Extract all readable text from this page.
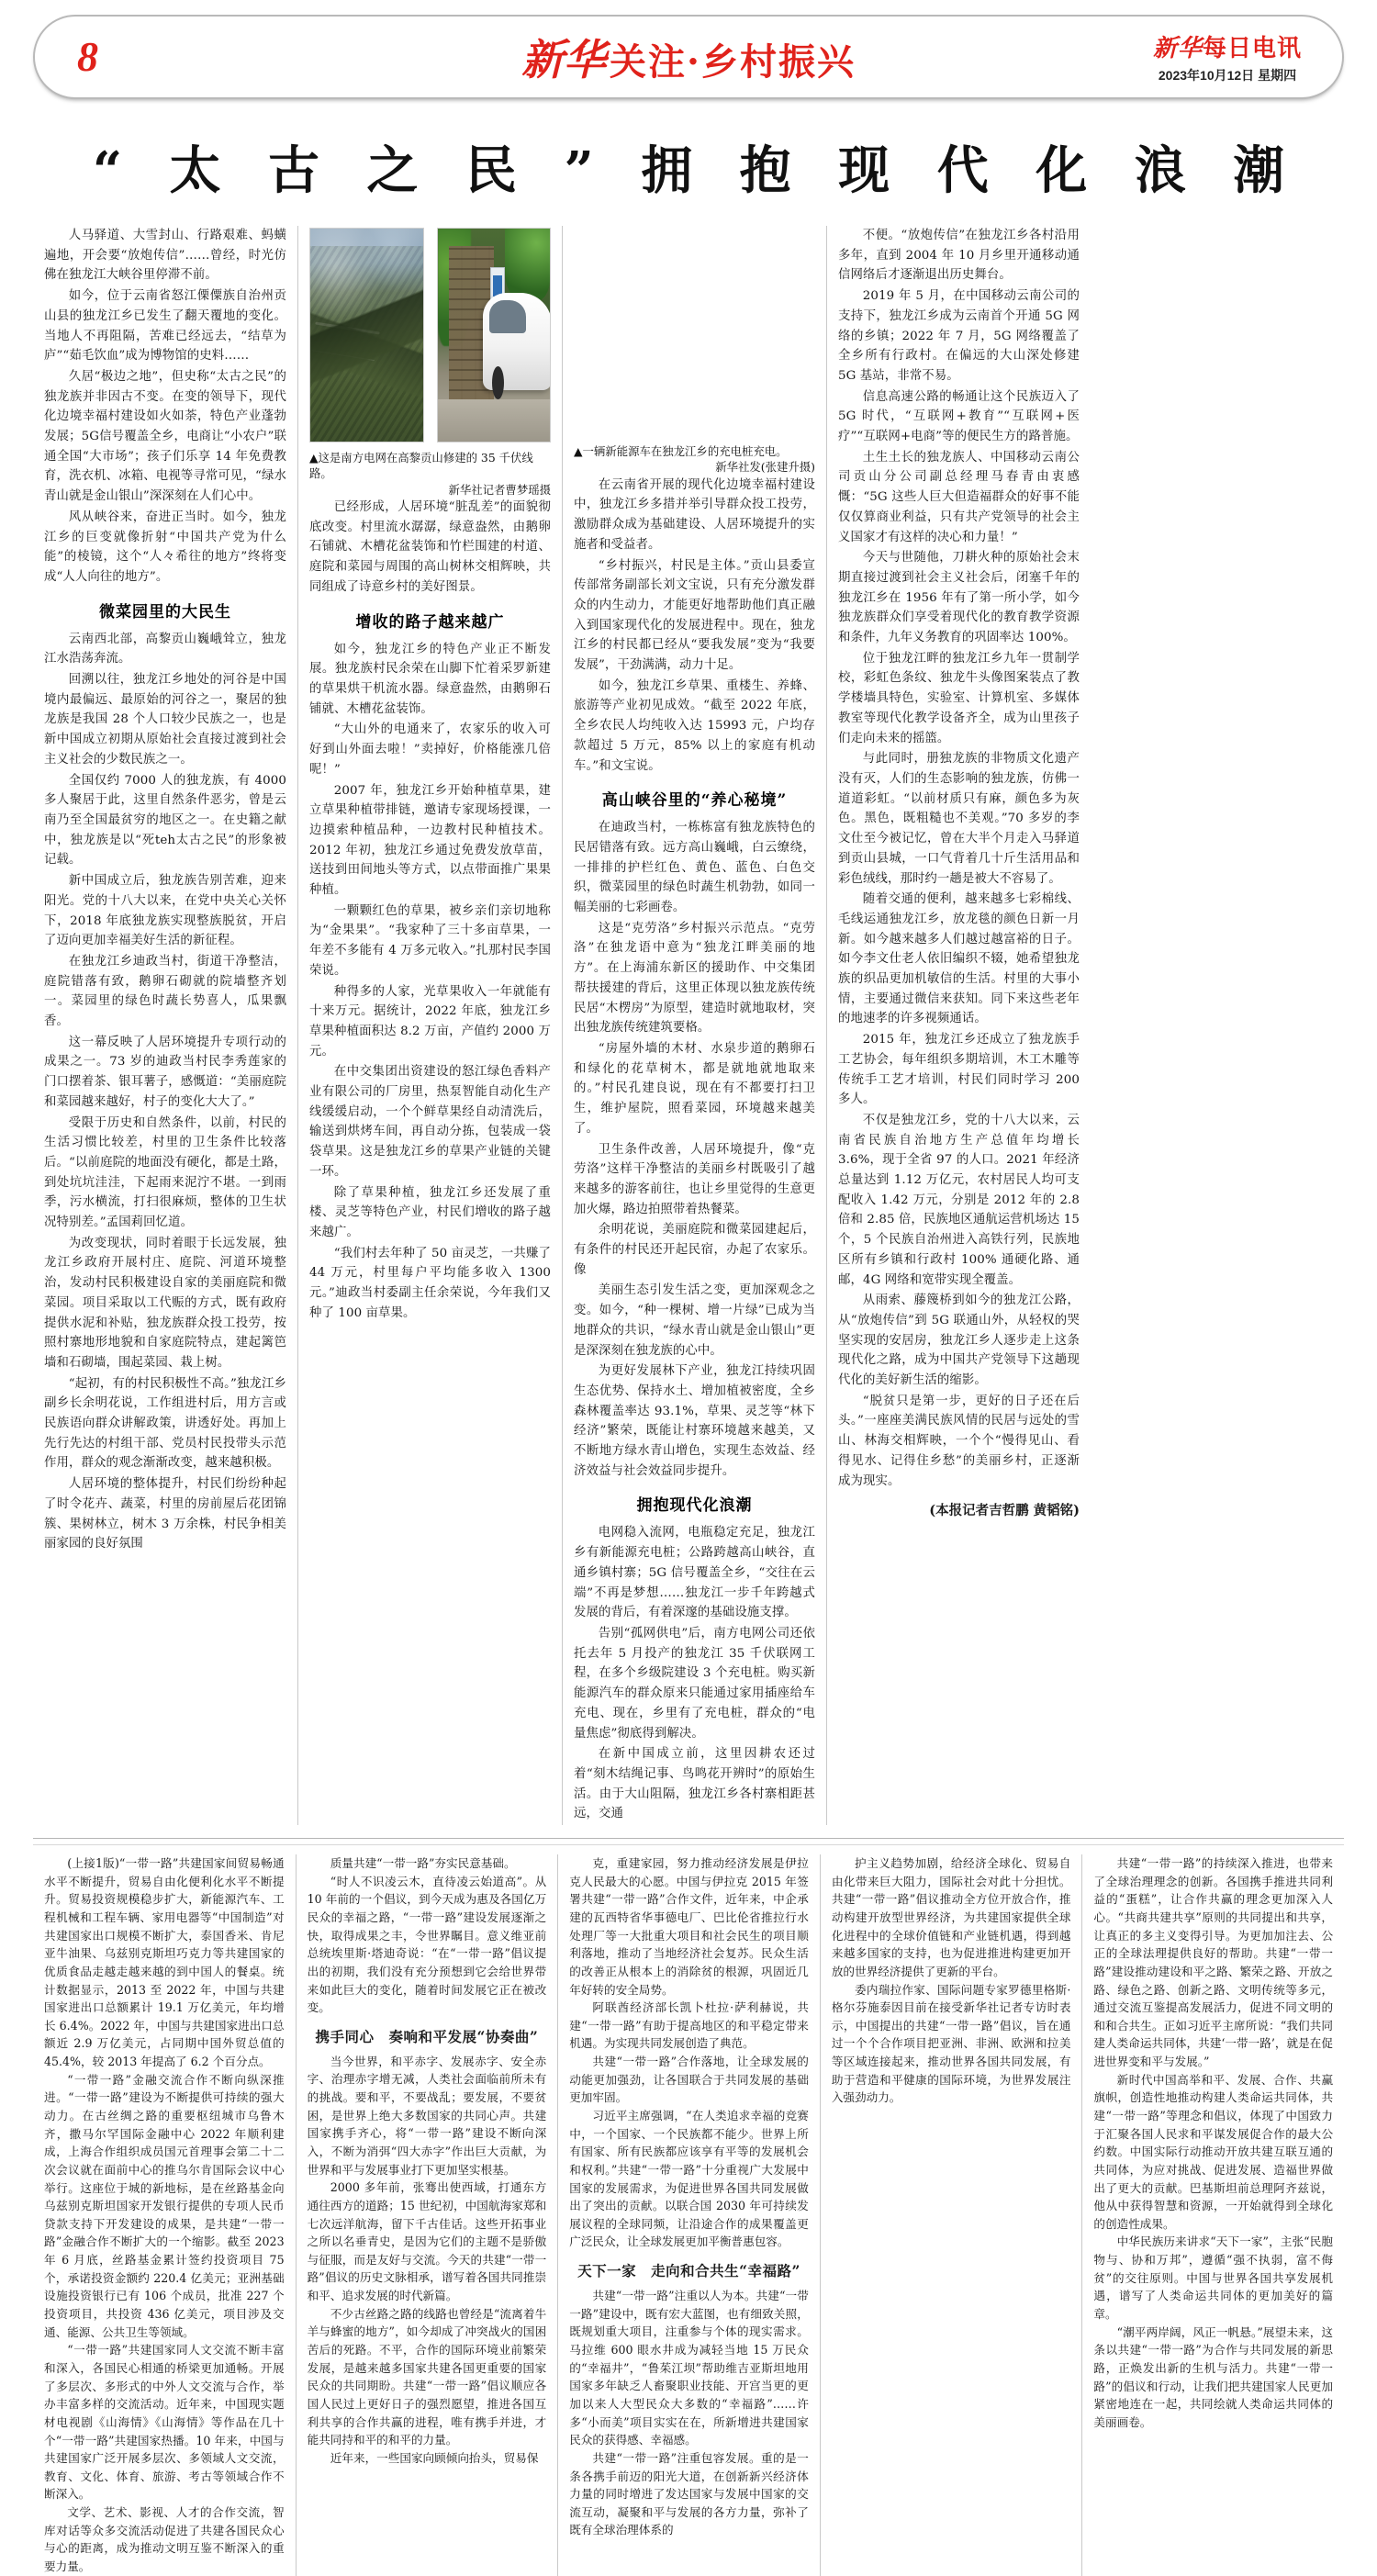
8	新华 关注·乡村振兴	新华每日电讯
2023年10月12日 星期四
“ 太 古 之 民 ” 拥 抱 现 代 化 浪 潮

人马驿道、大雪封山、行路艰难、蚂蟥遍地，开会要“放炮传信”……曾经，时光仿佛在独龙江大峡谷里停滞不前。

如今，位于云南省怒江傈僳族自治州贡山县的独龙江乡已发生了翻天覆地的变化。当地人不再阻隔，苦难已经远去，“结草为庐”“茹毛饮血”成为博物馆的史料……

久居“极边之地”，但史称“太古之民”的独龙族并非因古不变。在变的领导下，现代化边境幸福村建设如火如荼，特色产业蓬勃发展；5G信号覆盖全乡，电商让“小农户”联通全国“大市场”；孩子们乐享 14 年免费教育，洗衣机、冰箱、电视等寻常可见，“绿水青山就是金山银山”深深刻在人们心中。

风从峡谷来，奋进正当时。如今，独龙江乡的巨变就像折射“中国共产党为什么能”的棱镜，这个“人々希往的地方”终将变成“人人向往的地方”。

微菜园里的大民生

云南西北部，高黎贡山巍峨耸立，独龙江水浩荡奔流。

回溯以往，独龙江乡地处的河谷是中国境内最偏远、最原始的河谷之一，聚居的独龙族是我国 28 个人口较少民族之一，也是新中国成立初期从原始社会直接过渡到社会主义社会的少数民族之一。

全国仅约 7000 人的独龙族，有 4000 多人聚居于此，这里自然条件恶劣，曾是云南乃至全国最贫穷的地区之一。在史籍之献中，独龙族是以“死teh太古之民”的形象被记载。

新中国成立后，独龙族告别苦难，迎来阳光。党的十八大以来，在党中央关心关怀下，2018 年底独龙族实现整族脱贫，开启了迈向更加幸福美好生活的新征程。

在独龙江乡迪政当村，街道干净整洁，庭院错落有致，鹅卵石砌就的院墙整齐划一。菜园里的绿色时蔬长势喜人，瓜果飘香。

这一幕反映了人居环境提升专项行动的成果之一。73 岁的迪政当村民李秀莲家的门口摆着茶、银耳薯子，感慨道：“美丽庭院和菜园越来越好，村子的变化大大了。”

受限于历史和自然条件，以前，村民的生活习惯比较差，村里的卫生条件比较落后。“以前庭院的地面没有硬化，都是土路，到处坑坑洼洼，下起雨来泥泞不堪。一到雨季，污水横流，打扫很麻烦，整体的卫生状况特别差。”孟国莉回忆道。

为改变现状，同时着眼于长远发展，独龙江乡政府开展村庄、庭院、河道环境整治，发动村民积极建设自家的美丽庭院和微菜园。项目采取以工代赈的方式，既有政府提供水泥和补贴，独龙族群众投工投劳，按照村寨地形地貌和自家庭院特点，建起篱笆墙和石砌墙，围起菜园、栽上树。

“起初，有的村民积极性不高。”独龙江乡副乡长余明花说，工作组进村后，用方言或民族语向群众讲解政策，讲透好处。再加上先行先达的村组干部、党员村民投带头示范作用，群众的观念渐渐改变，越来越积极。

人居环境的整体提升，村民们纷纷种起了时令花卉、蔬菜，村里的房前屋后花团锦簇、果树林立，树木 3 万余株，村民争相美丽家园的良好氛围

▲这是南方电网在高黎贡山修建的 35 千伏线路。
新华社记者曹梦瑶摄

已经形成，人居环境“脏乱差”的面貌彻底改变。村里流水潺潺，绿意盎然，由鹅卵石铺就、木槽花盆装饰和竹栏围建的村道、庭院和菜园与周围的高山树林交相辉映，共同组成了诗意乡村的美好图景。

增收的路子越来越广

如今，独龙江乡的特色产业正不断发展。独龙族村民余荣在山脚下忙着采罗新建的草果烘干机流水器。绿意盎然，由鹅卵石铺就、木槽花盆装饰。

“大山外的电通来了，农家乐的收入可好到山外面去啦！”卖掉好，价格能涨几倍呢！”

2007 年，独龙江乡开始种植草果，建立草果种植带排链，邀请专家现场授课，一边摸索种植品种，一边教村民种植技术。2012 年初，独龙江乡通过免费发放草苗，送技到田间地头等方式，以点带面推广果果种植。

一颗颗红色的草果，被乡亲们亲切地称为“金果果”。“我家种了三十多亩草果，一年差不多能有 4 万多元收入。”扎那村民李国荣说。

种得多的人家，光草果收入一年就能有十来万元。据统计，2022 年底，独龙江乡草果种植面积达 8.2 万亩，产值约 2000 万元。

在中交集团出资建设的怒江绿色香料产业有限公司的厂房里，热泵智能自动化生产线缓缓启动，一个个鲜草果经自动清洗后，输送到烘烤车间，再自动分拣，包装成一袋袋草果。这是独龙江乡的草果产业链的关键一环。

除了草果种植，独龙江乡还发展了重楼、灵芝等特色产业，村民们增收的路子越来越广。

“我们村去年种了 50 亩灵芝，一共赚了 44 万元，村里每户平均能多收入 1300 元。”迪政当村委副主任余荣说，今年我们又种了 100 亩草果。

▲一辆新能源车在独龙江乡的充电桩充电。
新华社发(张建升摄)

在云南省开展的现代化边境幸福村建设中，独龙江乡多措并举引导群众投工投劳，激励群众成为基础建设、人居环境提升的实施者和受益者。

“乡村振兴，村民是主体。”贡山县委宣传部常务副部长刘文宝说，只有充分激发群众的内生动力，才能更好地帮助他们真正融入到国家现代化的发展进程中。现在，独龙江乡的村民都已经从“要我发展”变为“我要发展”，干劲满满，动力十足。

如今，独龙江乡草果、重楼生、养蜂、旅游等产业初见成效。“截至 2022 年底，全乡农民人均纯收入达 15993 元，户均存款超过 5 万元，85% 以上的家庭有机动车。”和文宝说。

高山峡谷里的“养心秘境”

在迪政当村，一栋栋富有独龙族特色的民居错落有致。远方高山巍峨，白云缭绕，一排排的护栏红色、黄色、蓝色、白色交织，微菜园里的绿色时蔬生机勃勃，如同一幅美丽的七彩画卷。

这是“克劳洛”乡村振兴示范点。“克劳洛”在独龙语中意为“独龙江畔美丽的地方”。在上海浦东新区的援助作、中交集团帮扶援建的背后，这里正体现以独龙族传统民居“木楞房”为原型，建造时就地取材，突出独龙族传统建筑要格。

“房屋外墙的木材、水泉步道的鹅卵石和绿化的花草树木，都是就地就地取来的。”村民孔建良说，现在有不都要打扫卫生，维护屋院，照看菜园，环境越来越美了。

卫生条件改善，人居环境提升，像“克劳洛”这样干净整洁的美丽乡村既吸引了越来越多的游客前往，也让乡里觉得的生意更加火爆，路边拍照带着热餐菜。

余明花说，美丽庭院和微菜园建起后，有条件的村民还开起民宿，办起了农家乐。像

美丽生态引发生活之变，更加深观念之变。如今，“种一棵树、增一片绿”已成为当地群众的共识，“绿水青山就是金山银山”更是深深刻在独龙族的心中。

为更好发展林下产业，独龙江持续巩固生态优势、保持水土、增加植被密度，全乡森林覆盖率达 93.1%，草果、灵芝等“林下经济”繁荣，既能让村寨环境越来越美，又不断地方绿水青山增色，实现生态效益、经济效益与社会效益同步提升。

拥抱现代化浪潮

电网稳入流网，电瓶稳定充足，独龙江乡有新能源充电桩；公路跨越高山峡谷，直通乡镇村寨；5G 信号覆盖全乡，“交往在云端”不再是梦想……独龙江一步千年跨越式发展的背后，有着深邃的基础设施支撑。

告别“孤网供电”后，南方电网公司还依托去年 5 月投产的独龙江 35 千伏联网工程，在多个乡级院建设 3 个充电桩。购买新能源汽车的群众原来只能通过家用插座给车充电、现在，乡里有了充电桩，群众的“电量焦虑”彻底得到解决。

在新中国成立前，这里因耕农还过着“刻木结绳记事、鸟鸣花开辨时”的原始生活。由于大山阻隔，独龙江乡各村寨相距甚远，交通

不便。“放炮传信”在独龙江乡各村沿用多年，直到 2004 年 10 月乡里开通移动通信网络后才逐渐退出历史舞台。

2019 年 5 月，在中国移动云南公司的支持下，独龙江乡成为云南首个开通 5G 网络的乡镇；2022 年 7 月，5G 网络覆盖了全乡所有行政村。在偏远的大山深处修建 5G 基站，非常不易。

信息高速公路的畅通让这个民族迈入了 5G 时代，“互联网+教育”“互联网+医疗”“互联网+电商”等的便民生方的路普施。

土生土长的独龙族人、中国移动云南公司贡山分公司副总经理马春青由衷感慨：“5G 这些人巨大但造福群众的好事不能仅仅算商业利益，只有共产党领导的社会主义国家才有这样的决心和力量！”

今天与世随他，刀耕火种的原始社会末期直接过渡到社会主义社会后，闭塞千年的独龙江乡在 1956 年有了第一所小学，如今独龙族群众们享受着现代化的教育教学资源和条件，九年义务教育的巩固率达 100%。

位于独龙江畔的独龙江乡九年一贯制学校，彩虹色条纹、独龙牛头像图案装点了教学楼墙具特色，实验室、计算机室、多媒体教室等现代化教学设备齐全，成为山里孩子们走向未来的摇篮。

与此同时，册独龙族的非物质文化遗产没有灭，人们的生态影响的独龙族，仿佛一道道彩虹。“以前材质只有麻，颜色多为灰色。黑色，既粗糙也不美观。”70 多岁的李文仕至今被记忆，曾在大半个月走入马驿道到贡山县城，一口气背着几十斤生活用品和彩色绒线，那时约一趟是被大不容易了。

随着交通的便利，越来越多七彩棉线、毛线运通独龙江乡，放龙毯的颜色日新一月新。如今越来越多人们越过越富裕的日子。如今李文仕老人依旧编织不辍，她希望独龙族的织品更加机敏信的生活。村里的大事小情，主要通过微信来获知。同下来这些老年的地速孝的许多视频通话。

2015 年，独龙江乡还成立了独龙族手工艺协会，每年组织多期培训，木工木雕等传统手工艺才培训，村民们同时学习 200 多人。

不仅是独龙江乡，党的十八大以来，云南省民族自治地方生产总值年均增长 3.6%，现于全省 97 的人口。2021 年经济总量达到 1.12 万亿元，农村居民人均可支配收入 1.42 万元，分别是 2012 年的 2.8 倍和 2.85 倍，民族地区通航运营机场达 15 个，5 个民族自治州进入高铁行列，民族地区所有乡镇和行政村 100% 通硬化路、通邮，4G 网络和宽带实现全覆盖。

从雨索、藤篾桥到如今的独龙江公路，从“放炮传信”到 5G 联通山外，从轻权的哭坚实现的安居房，独龙江乡人逐步走上这条现代化之路，成为中国共产党领导下这趟现代化的美好新生活的缩影。

“脱贫只是第一步，更好的日子还在后头。”一座座美满民族风情的民居与远处的雪山、林海交相辉映，一个个“慢得见山、看得见水、记得住乡愁”的美丽乡村，正逐渐成为现实。

(本报记者吉哲鹏 黄韬铭)

(上接1版)“一带一路”共建国家间贸易畅通水平不断提升，贸易自由化便利化水平不断提升。贸易投资规模稳步扩大，新能源汽车、工程机械和工程车辆、家用电器等“中国制造”对共建国家出口规模不断扩大，泰国香米、肯尼亚牛油果、乌兹别克斯坦巧克力等共建国家的优质食品走越走越来越的到中国人的餐桌。统计数据显示，2013 至 2022 年，中国与共建国家进出口总额累计 19.1 万亿美元，年均增长 6.4%。2022 年，中国与共建国家进出口总额近 2.9 万亿美元，占同期中国外贸总值的 45.4%，较 2013 年提高了 6.2 个百分点。

“一带一路”金融交流合作不断向纵深推进。“一带一路”建设为不断提供可持续的强大动力。在古丝绸之路的重要枢纽城市乌鲁木齐，撒马尔罕国际金融中心 2022 年顺利建成，上海合作组织成员国元首理事会第二十二次会议就在面前中心的推乌尔肯国际会议中心举行。这座位于城的新地标，是在丝路基金向乌兹别克斯坦国家开发银行提供的专项人民币贷款支持下开发建设的成果，是共建“一带一路”金融合作不断扩大的一个缩影。截至 2023 年 6 月底，丝路基金累计签约投资项目 75 个，承诺投资金额约 220.4 亿美元；亚洲基础设施投资银行已有 106 个成员，批准 227 个投资项目，共投资 436 亿美元，项目涉及交通、能源、公共卫生等领域。

“一带一路”共建国家同人文交流不断丰富和深入，各国民心相通的桥梁更加通畅。开展了多层次、多形式的中外人文交流与合作，举办丰富多样的交流活动。近年来，中国现实题材电视剧《山海情》《山海情》等作品在几十个“一带一路”共建国家热播。10 年来，中国与共建国家广泛开展多层次、多领域人文交流，教育、文化、体育、旅游、考古等领域合作不断深入。

文学、艺术、影视、人才的合作交流，智库对话等众多交流活动促进了共建各国民众心与心的距离，成为推动文明互鉴不断深入的重要力量。

质量共建“一带一路”夯实民意基础。

“时人不识凌云木，直待凌云始道高”。从 10 年前的一个倡议，到今天成为惠及各国亿万民众的幸福之路，“一带一路”建设发展逐渐之快，取得成果之丰，令世界瞩目。意义维亚前总统埃里斯·塔迪奇说：“在“一带一路”倡议提出的初期，我们没有充分预想到它会给世界带来如此巨大的变化，随着时间发展它正在被改变。

携手同心　奏响和平发展“协奏曲”

当今世界，和平赤字、发展赤字、安全赤字、治理赤字增无减，人类社会面临前所未有的挑战。要和平，不要战乱；要发展，不要贫困，是世界上绝大多数国家的共同心声。共建国家携手齐心，将“一带一路”建设不断向深入，不断为消弭“四大赤字”作出巨大贡献，为世界和平与发展事业打下更加坚实根基。

2000 多年前，张骞出使西域，打通东方通往西方的道路；15 世纪初，中国航海家郑和七次远洋航海，留下千古佳话。这些开拓事业之所以名垂青史，是因为它们的主题不是骄傲与征服，而是友好与交流。今天的共建“一带一路”倡议的历史文脉相承，谱写着各国共同推崇和平、追求发展的时代新篇。

不少古丝路之路的线路也曾经是“流离着牛羊与蜂蜜的地方”，如今却成了冲突战火的国困苦后的死路。不平，合作的国际环境业前繁荣发展，是越来越多国家共建各国更重要的国家民众的共同期盼。共建“一带一路”倡议顺应各国人民过上更好日子的强烈愿望，推进各国互利共享的合作共赢的进程，唯有携手并进，才能共同持和平的和平的力量。

近年来，一些国家向顾倾向抬头，贸易保

克，重建家园，努力推动经济发展是伊拉克人民最大的心愿。中国与伊拉克 2015 年签署共建“一带一路”合作文件，近年来，中企承建的瓦西特省华事德电厂、巴比伦省推拉行水处理厂等一大批重大项目和社会民生的项目顺利落地，推动了当地经济社会复苏。民众生活的改善正从根本上的消除贫的根源，巩固近几年好转的安全局势。

阿联酋经济部长凯卜杜拉·萨利赫说，共建“一带一路”有助于提高地区的和平稳定带来机遇。为实现共同发展创造了典范。

共建“一带一路”合作落地，让全球发展的动能更加强劲，让各国联合于共同发展的基础更加牢固。

习近平主席强调，“在人类追求幸福的竞赛中，一个国家、一个民族都不能少。世界上所有国家、所有民族都应该享有平等的发展机会和权利。”共建“一带一路”十分重视广大发展中国家的发展需求，为促进世界各国共同发展做出了突出的贡献。以联合国 2030 年可持续发展议程的全球同频，让沿途合作的成果覆盖更广泛民众，让全球发展更加平衡普惠包容。

天下一家　走向和合共生“幸福路”

共建“一带一路”注重以人为本。共建“一带一路”建设中，既有宏大蓝图，也有细致关照，既规划重大项目，注重参与个体的现实需求。马拉维 600 眼水井成为减轻当地 15 万民众的“幸福井”，“鲁茱江坝”帮助维吉亚斯坦地用国家多年缺乏人畜聚职业技能、开宫当更的更加以来人大型民众大多数的“幸福路”……许多“小而美”项目实实在在，所新增进共建国家民众的获得感、幸福感。

共建“一带一路”注重包容发展。重的是一条各携手前迈的阳光大道，在创新新兴经济体力量的同时增进了发达国家与发展中国家的交流互动，凝聚和平与发展的各方力量，弥补了既有全球治理体系的

护主义趋势加剧，给经济全球化、贸易自由化带来巨大阻力，国际社会对此十分担忧。共建“一带一路”倡议推动全方位开放合作，推动构建开放型世界经济，为共建国家提供全球化进程中的全球价值链和产业链机遇，得到越来越多国家的支持，也为促进推进构建更加开放的世界经济提供了更新的平台。

委内瑞拉作家、国际问题专家罗德里格斯·格尔芬施泰因目前在接受新华社记者专访时表示，中国提出的共建“一带一路”倡议，旨在通过一个个合作项目把亚洲、非洲、欧洲和拉美等区域连接起来，推动世界各国共同发展，有助于营造和平健康的国际环境，为世界发展注入强劲动力。

共建“一带一路”的持续深入推进，也带来了全球治理理念的创新。各国携手推进共同利益的“蛋糕”，让合作共赢的理念更加深入人心。“共商共建共享”原则的共同提出和共享，让真正的多主义变得引导。为更加加注去、公正的全球法理提供良好的帮助。共建“一带一路”建设推动建设和平之路、繁荣之路、开放之路、绿色之路、创新之路、文明传统等多元，通过交流互鉴提高发展活力，促进不同文明的和和合共生。正如习近平主席所说：“我们共同建人类命运共同体，共建‘一带一路’，就是在促进世界变和平与发展。”

新时代中国高举和平、发展、合作、共赢旗帜，创造性地推动构建人类命运共同体，共建“一带一路”等理念和倡议，体现了中国致力于汇聚各国人民求和平谋发展促合作的最大公约数。中国实际行动推动开放共建互联互通的共同体，为应对挑战、促进发展、造福世界做出了更大的贡献。巴基斯坦前总理阿齐兹说，他从中获得智慧和资源，一开始就得到全球化的创造性成果。

中华民族历来讲求“天下一家”，主张“民胞物与、协和万邦”，遵循“强不执弱，富不侮贫”的交往原则。中国与世界各国共享发展机遇，谱写了人类命运共同体的更加美好的篇章。

“潮平两岸阔，风正一帆悬。”展望未来，这条以共建“一带一路”为合作与共同发展的新思路，正焕发出新的生机与活力。共建“一带一路”的倡议和行动，让我们把共建国家人民更加紧密地连在一起，共同绘就人类命运共同体的美丽画卷。
